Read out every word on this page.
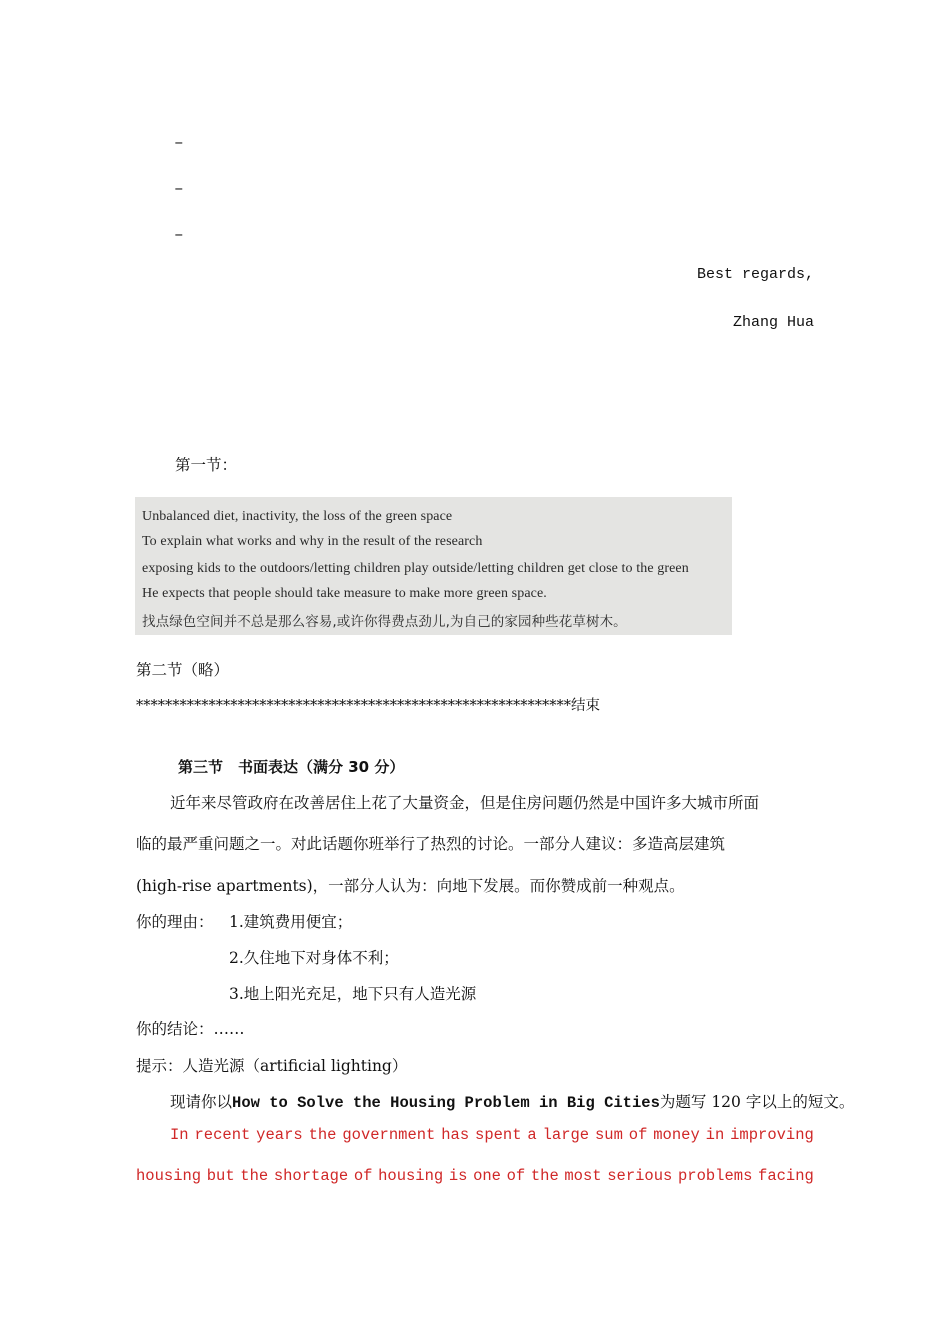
–
–
–
Best regards,
Zhang Hua
第一节：
Unbalanced diet, inactivity, the loss of the green space
To explain what works and why in the result of the research
exposing kids to the outdoors/letting children play outside/letting children get close to the green
He expects that people should take measure to make more green space.
找点绿色空间并不总是那么容易,或许你得费点劲儿,为自己的家园种些花草树木。
第二节（略）
************************************************************结束
第三节　书面表达（满分 30 分）
近年来尽管政府在改善居住上花了大量资金，但是住房问题仍然是中国许多大城市所面
临的最严重问题之一。对此话题你班举行了热烈的讨论。一部分人建议：多造高层建筑
(high-rise apartments)，一部分人认为：向地下发展。而你赞成前一种观点。
你的理由： 1.建筑费用便宜；
2.久住地下对身体不利；
3.地上阳光充足，地下只有人造光源
你的结论：……
提示：人造光源（artificial lighting）
现请你以How to Solve the Housing Problem in Big Cities为题写 120 字以上的短文。
In recent years the government has spent a large sum of money in improving
housing but the shortage of housing is one of the most serious problems facing
